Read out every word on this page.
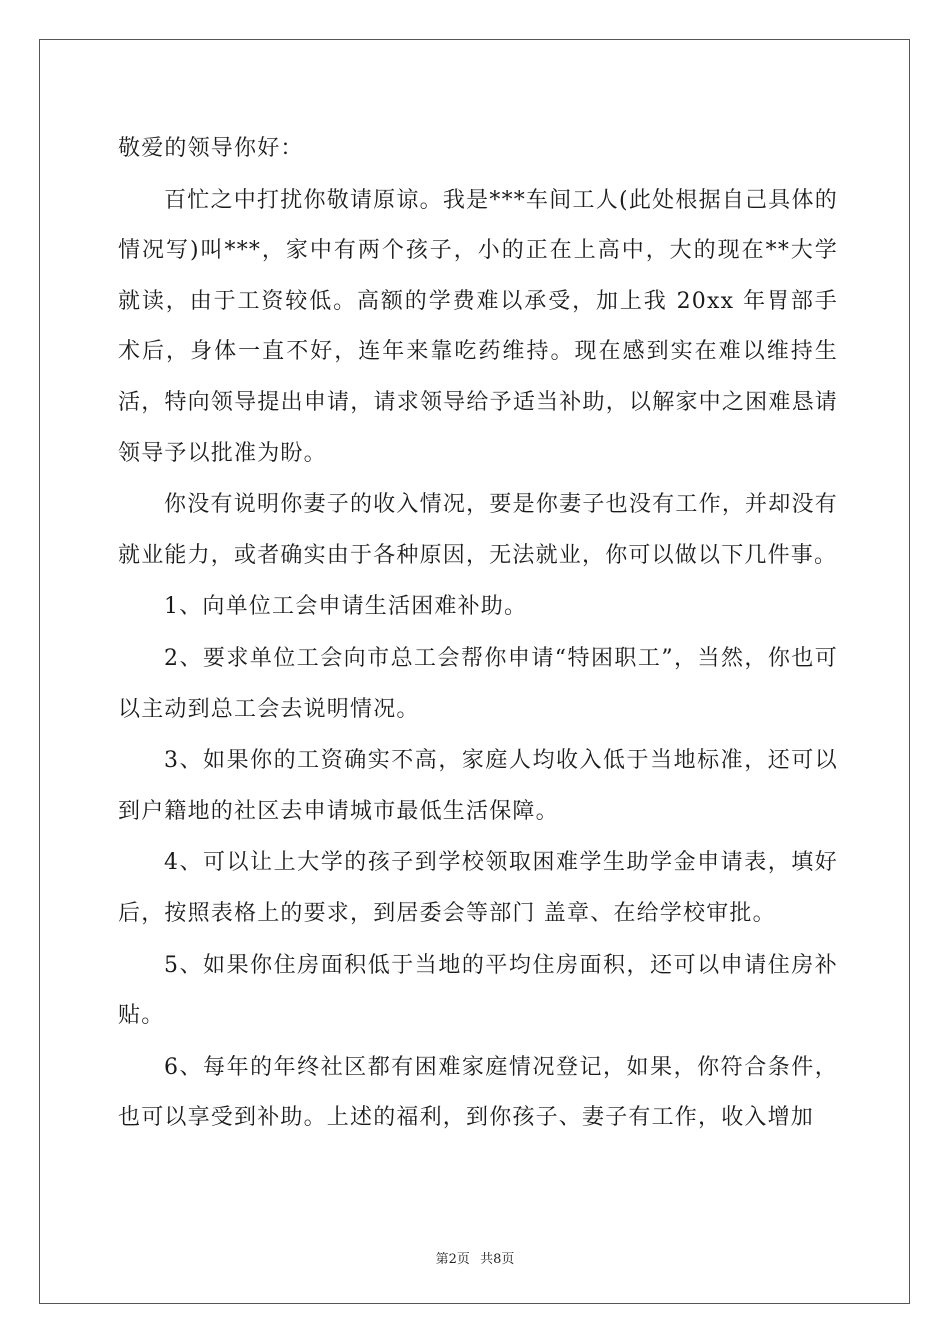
敬爱的领导你好：

百忙之中打扰你敬请原谅。我是***车间工人(此处根据自己具体的情况写)叫***，家中有两个孩子，小的正在上高中，大的现在**大学就读，由于工资较低。高额的学费难以承受，加上我 20xx 年胃部手术后，身体一直不好，连年来靠吃药维持。现在感到实在难以维持生活，特向领导提出申请，请求领导给予适当补助，以解家中之困难恳请领导予以批准为盼。

你没有说明你妻子的收入情况，要是你妻子也没有工作，并却没有就业能力，或者确实由于各种原因，无法就业，你可以做以下几件事。

1、向单位工会申请生活困难补助。

2、要求单位工会向市总工会帮你申请“特困职工”，当然，你也可以主动到总工会去说明情况。

3、如果你的工资确实不高，家庭人均收入低于当地标准，还可以到户籍地的社区去申请城市最低生活保障。

4、可以让上大学的孩子到学校领取困难学生助学金申请表，填好后，按照表格上的要求，到居委会等部门 盖章、在给学校审批。

5、如果你住房面积低于当地的平均住房面积，还可以申请住房补贴。

6、每年的年终社区都有困难家庭情况登记，如果，你符合条件，也可以享受到补助。上述的福利，到你孩子、妻子有工作，收入增加

第2页 共8页
